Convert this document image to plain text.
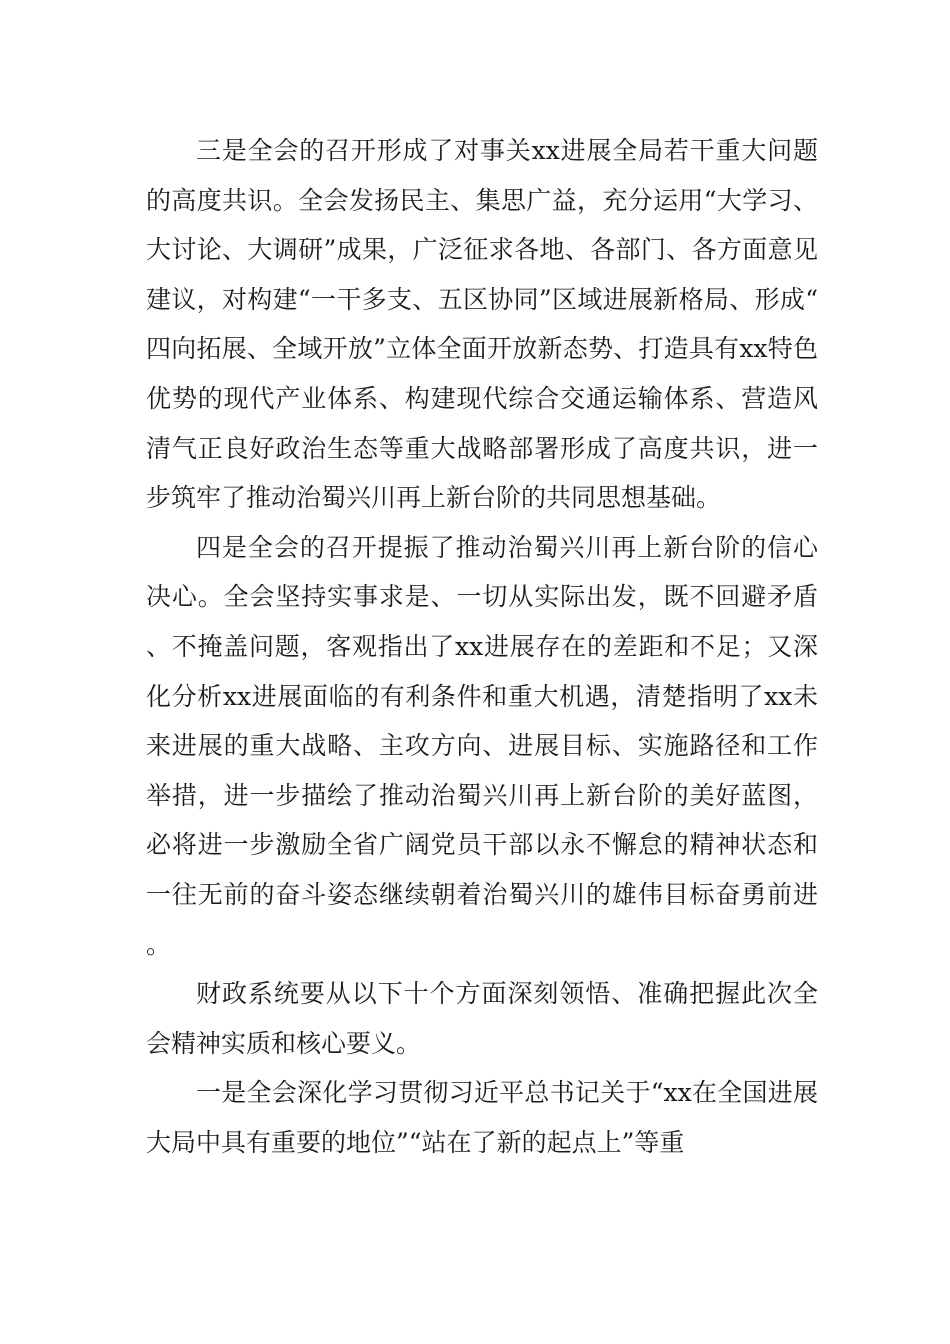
三是全会的召开形成了对事关xx进展全局若干重大问题的高度共识。全会发扬民主、集思广益，充分运用“大学习、大讨论、大调研”成果，广泛征求各地、各部门、各方面意见建议，对构建“一干多支、五区协同”区域进展新格局、形成“四向拓展、全域开放”立体全面开放新态势、打造具有xx特色优势的现代产业体系、构建现代综合交通运输体系、营造风清气正良好政治生态等重大战略部署形成了高度共识，进一步筑牢了推动治蜀兴川再上新台阶的共同思想基础。

四是全会的召开提振了推动治蜀兴川再上新台阶的信心决心。全会坚持实事求是、一切从实际出发，既不回避矛盾、不掩盖问题，客观指出了xx进展存在的差距和不足；又深化分析xx进展面临的有利条件和重大机遇，清楚指明了xx未来进展的重大战略、主攻方向、进展目标、实施路径和工作举措，进一步描绘了推动治蜀兴川再上新台阶的美好蓝图，必将进一步激励全省广阔党员干部以永不懈怠的精神状态和一往无前的奋斗姿态继续朝着治蜀兴川的雄伟目标奋勇前进。

财政系统要从以下十个方面深刻领悟、准确把握此次全会精神实质和核心要义。

一是全会深化学习贯彻习近平总书记关于“xx在全国进展大局中具有重要的地位”“站在了新的起点上”等重
